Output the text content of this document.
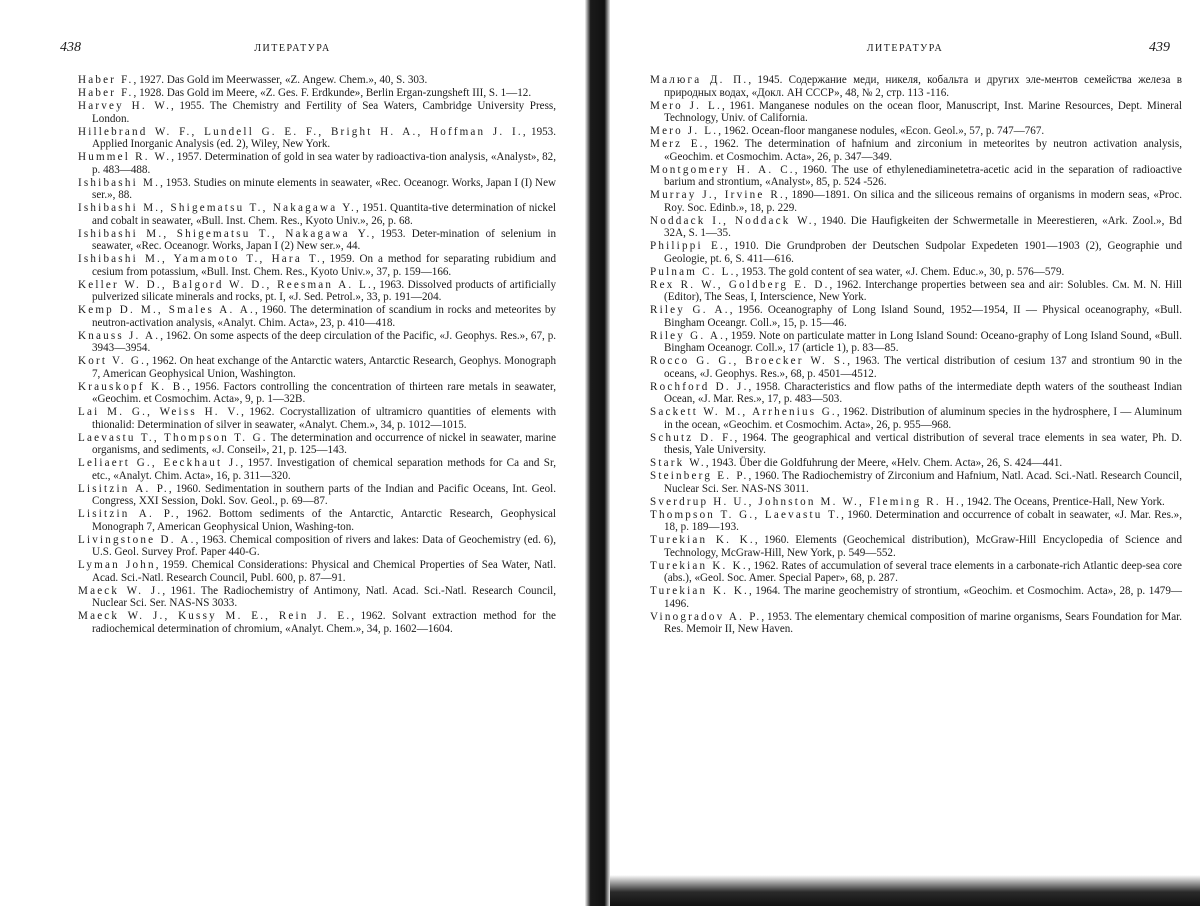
438	ЛИТЕРАТУРА

Haber F., 1927. Das Gold im Meerwasser, «Z. Angew. Chem.», 40, S. 303.

Haber F., 1928. Das Gold im Meere, «Z. Ges. F. Erdkunde», Berlin Ergan-zungsheft III, S. 1—12.

Harvey H. W., 1955. The Chemistry and Fertility of Sea Waters, Cambridge University Press, London.

Hillebrand W. F., Lundell G. E. F., Bright H. A., Hoffman J. I., 1953. Applied Inorganic Analysis (ed. 2), Wiley, New York.

Hummel R. W., 1957. Determination of gold in sea water by radioactiva-tion analysis, «Analyst», 82, p. 483—488.

Ishibashi M., 1953. Studies on minute elements in seawater, «Rec. Oceanogr. Works, Japan I (I) New ser.», 88.

Ishibashi M., Shigematsu T., Nakagawa Y., 1951. Quantita-tive determination of nickel and cobalt in seawater, «Bull. Inst. Chem. Res., Kyoto Univ.», 26, p. 68.

Ishibashi M., Shigematsu T., Nakagawa Y., 1953. Deter-mination of selenium in seawater, «Rec. Oceanogr. Works, Japan I (2) New ser.», 44.

Ishibashi M., Yamamoto T., Hara T., 1959. On a method for separating rubidium and cesium from potassium, «Bull. Inst. Chem. Res., Kyoto Univ.», 37, p. 159—166.

Keller W. D., Balgord W. D., Reesman A. L., 1963. Dissolved products of artificially pulverized silicate minerals and rocks, pt. I, «J. Sed. Petrol.», 33, p. 191—204.

Kemp D. M., Smales A. A., 1960. The determination of scandium in rocks and meteorites by neutron-activation analysis, «Analyt. Chim. Acta», 23, p. 410—418.

Knauss J. A., 1962. On some aspects of the deep circulation of the Pacific, «J. Geophys. Res.», 67, p. 3943—3954.

Kort V. G., 1962. On heat exchange of the Antarctic waters, Antarctic Research, Geophys. Monograph 7, American Geophysical Union, Washington.

Krauskopf K. B., 1956. Factors controlling the concentration of thirteen rare metals in seawater, «Geochim. et Cosmochim. Acta», 9, p. 1—32B.

Lai M. G., Weiss H. V., 1962. Cocrystallization of ultramicro quantities of elements with thionalid: Determination of silver in seawater, «Analyt. Chem.», 34, p. 1012—1015.

Laevastu T., Thompson T. G. The determination and occurrence of nickel in seawater, marine organisms, and sediments, «J. Conseil», 21, p. 125—143.

Leliaert G., Eeckhaut J., 1957. Investigation of chemical separation methods for Ca and Sr, etc., «Analyt. Chim. Acta», 16, p. 311—320.

Lisitzin A. P., 1960. Sedimentation in southern parts of the Indian and Pacific Oceans, Int. Geol. Congress, XXI Session, Dokl. Sov. Geol., p. 69—87.

Lisitzin A. P., 1962. Bottom sediments of the Antarctic, Antarctic Research, Geophysical Monograph 7, American Geophysical Union, Washing-ton.

Livingstone D. A., 1963. Chemical composition of rivers and lakes: Data of Geochemistry (ed. 6), U.S. Geol. Survey Prof. Paper 440-G.

Lyman John, 1959. Chemical Considerations: Physical and Chemical Properties of Sea Water, Natl. Acad. Sci.-Natl. Research Council, Publ. 600, p. 87—91.

Maeck W. J., 1961. The Radiochemistry of Antimony, Natl. Acad. Sci.-Natl. Research Council, Nuclear Sci. Ser. NAS-NS 3033.

Maeck W. J., Kussy M. E., Rein J. E., 1962. Solvant extraction method for the radiochemical determination of chromium, «Analyt. Chem.», 34, p. 1602—1604.

ЛИТЕРАТУРА	439

Малюга Д. П., 1945. Содержание меди, никеля, кобальта и других эле-ментов семейства железа в природных водах, «Докл. АН СССР», 48, № 2, стр. 113 -116.

Mero J. L., 1961. Manganese nodules on the ocean floor, Manuscript, Inst. Marine Resources, Dept. Mineral Technology, Univ. of California.

Mero J. L., 1962. Ocean-floor manganese nodules, «Econ. Geol.», 57, p. 747—767.

Merz E., 1962. The determination of hafnium and zirconium in meteorites by neutron activation analysis, «Geochim. et Cosmochim. Acta», 26, p. 347—349.

Montgomery H. A. C., 1960. The use of ethylenediaminetetra-acetic acid in the separation of radioactive barium and strontium, «Analyst», 85, p. 524 -526.

Murray J., Irvine R., 1890—1891. On silica and the siliceous remains of organisms in modern seas, «Proc. Roy. Soc. Edinb.», 18, p. 229.

Noddack I., Noddack W., 1940. Die Haufigkeiten der Schwermetalle in Meerestieren, «Ark. Zool.», Bd 32A, S. 1—35.

Philippi E., 1910. Die Grundproben der Deutschen Sudpolar Expedeten 1901—1903 (2), Geographie und Geologie, pt. 6, S. 411—616.

Pulnam C. L., 1953. The gold content of sea water, «J. Chem. Educ.», 30, p. 576—579.

Rex R. W., Goldberg E. D., 1962. Interchange properties between sea and air: Solubles. См. M. N. Hill (Editor), The Seas, I, Interscience, New York.

Riley G. A., 1956. Oceanography of Long Island Sound, 1952—1954, II — Physical oceanography, «Bull. Bingham Oceangr. Coll.», 15, p. 15—46.

Riley G. A., 1959. Note on particulate matter in Long Island Sound: Oceano-graphy of Long Island Sound, «Bull. Bingham Oceanogr. Coll.», 17 (article 1), p. 83—85.

Rocco G. G., Broecker W. S., 1963. The vertical distribution of cesium 137 and strontium 90 in the oceans, «J. Geophys. Res.», 68, p. 4501—4512.

Rochford D. J., 1958. Characteristics and flow paths of the intermediate depth waters of the southeast Indian Ocean, «J. Mar. Res.», 17, p. 483—503.

Sackett W. M., Arrhenius G., 1962. Distribution of aluminum species in the hydrosphere, I — Aluminum in the ocean, «Geochim. et Cosmochim. Acta», 26, p. 955—968.

Schutz D. F., 1964. The geographical and vertical distribution of several trace elements in sea water, Ph. D. thesis, Yale University.

Stark W., 1943. Über die Goldfuhrung der Meere, «Helv. Chem. Acta», 26, S. 424—441.

Steinberg E. P., 1960. The Radiochemistry of Zirconium and Hafnium, Natl. Acad. Sci.-Natl. Research Council, Nuclear Sci. Ser. NAS-NS 3011.

Sverdrup H. U., Johnston M. W., Fleming R. H., 1942. The Oceans, Prentice-Hall, New York.

Thompson T. G., Laevastu T., 1960. Determination and occurrence of cobalt in seawater, «J. Mar. Res.», 18, p. 189—193.

Turekian K. K., 1960. Elements (Geochemical distribution), McGraw-Hill Encyclopedia of Science and Technology, McGraw-Hill, New York, p. 549—552.

Turekian K. K., 1962. Rates of accumulation of several trace elements in a carbonate-rich Atlantic deep-sea core (abs.), «Geol. Soc. Amer. Special Paper», 68, p. 287.

Turekian K. K., 1964. The marine geochemistry of strontium, «Geochim. et Cosmochim. Acta», 28, p. 1479—1496.

Vinogradov A. P., 1953. The elementary chemical composition of marine organisms, Sears Foundation for Mar. Res. Memoir II, New Haven.
